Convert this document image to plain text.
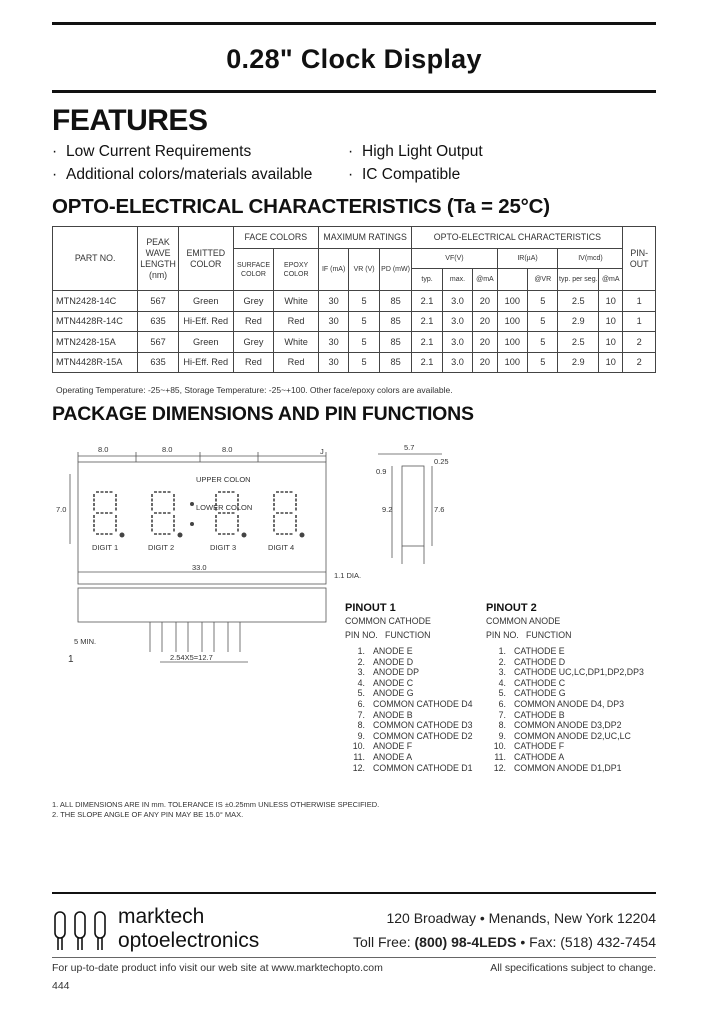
0.28" Clock Display
FEATURES
· Low Current Requirements	· High Light Output
· Additional colors/materials available · IC Compatible
OPTO-ELECTRICAL CHARACTERISTICS (Ta = 25°C)
PART NO.	PEAK WAVE LENGTH (nm)	EMITTED COLOR	FACE COLORS		MAXIMUM RATINGS			OPTO-ELECTRICAL CHARACTERISTICS							PIN-OUT
			SURFACE COLOR	EPOXY COLOR	IF (mA)	VR (V)	PD (mW)	VF(V)			IR(µA)		IV(mcd)		
								typ.	max.	@mA		@VR	typ. per seg.	@mA	
MTN2428-14C	567	Green	Grey	White	30	5	85	2.1	3.0	20	100	5	2.5	10	1
MTN4428R-14C	635	Hi-Eff. Red	Red	Red	30	5	85	2.1	3.0	20	100	5	2.9	10	1
MTN2428-15A	567	Green	Grey	White	30	5	85	2.1	3.0	20	100	5	2.5	10	2
MTN4428R-15A	635	Hi-Eff. Red	Red	Red	30	5	85	2.1	3.0	20	100	5	2.9	10	2
Operating Temperature: -25~+85, Storage Temperature: -25~+100. Other face/epoxy colors are available.
PACKAGE DIMENSIONS AND PIN FUNCTIONS
8.0	8.0	8.0	5.7
0.9
0.25
7.0	9.2	7.6
33.0
1.1 DIA.
5 MIN.
2.54X5=12.7
UPPER COLON
LOWER COLON
DIGIT 1	DIGIT 2	DIGIT 3	DIGIT 4
J
1
PINOUT 1
COMMON CATHODE
PIN NO. FUNCTION
1. ANODE E
2. ANODE D
3. ANODE DP
4. ANODE C
5. ANODE G
6. COMMON CATHODE D4
7. ANODE B
8. COMMON CATHODE D3
9. COMMON CATHODE D2
10. ANODE F
11. ANODE A
12. COMMON CATHODE D1
PINOUT 2
COMMON ANODE
PIN NO. FUNCTION
1. CATHODE E
2. CATHODE D
3. CATHODE UC,LC,DP1,DP2,DP3
4. CATHODE C
5. CATHODE G
6. COMMON ANODE D4, DP3
7. CATHODE B
8. COMMON ANODE D3,DP2
9. COMMON ANODE D2,UC,LC
10. CATHODE F
11. CATHODE A
12. COMMON ANODE D1,DP1
1. ALL DIMENSIONS ARE IN mm. TOLERANCE IS ±0.25mm UNLESS OTHERWISE SPECIFIED.
2. THE SLOPE ANGLE OF ANY PIN MAY BE 15.0° MAX.
marktech
optoelectronics
120 Broadway • Menands, New York 12204
Toll Free: (800) 98-4LEDS • Fax: (518) 432-7454
For up-to-date product info visit our web site at www.marktechopto.com	All specifications subject to change.
444
